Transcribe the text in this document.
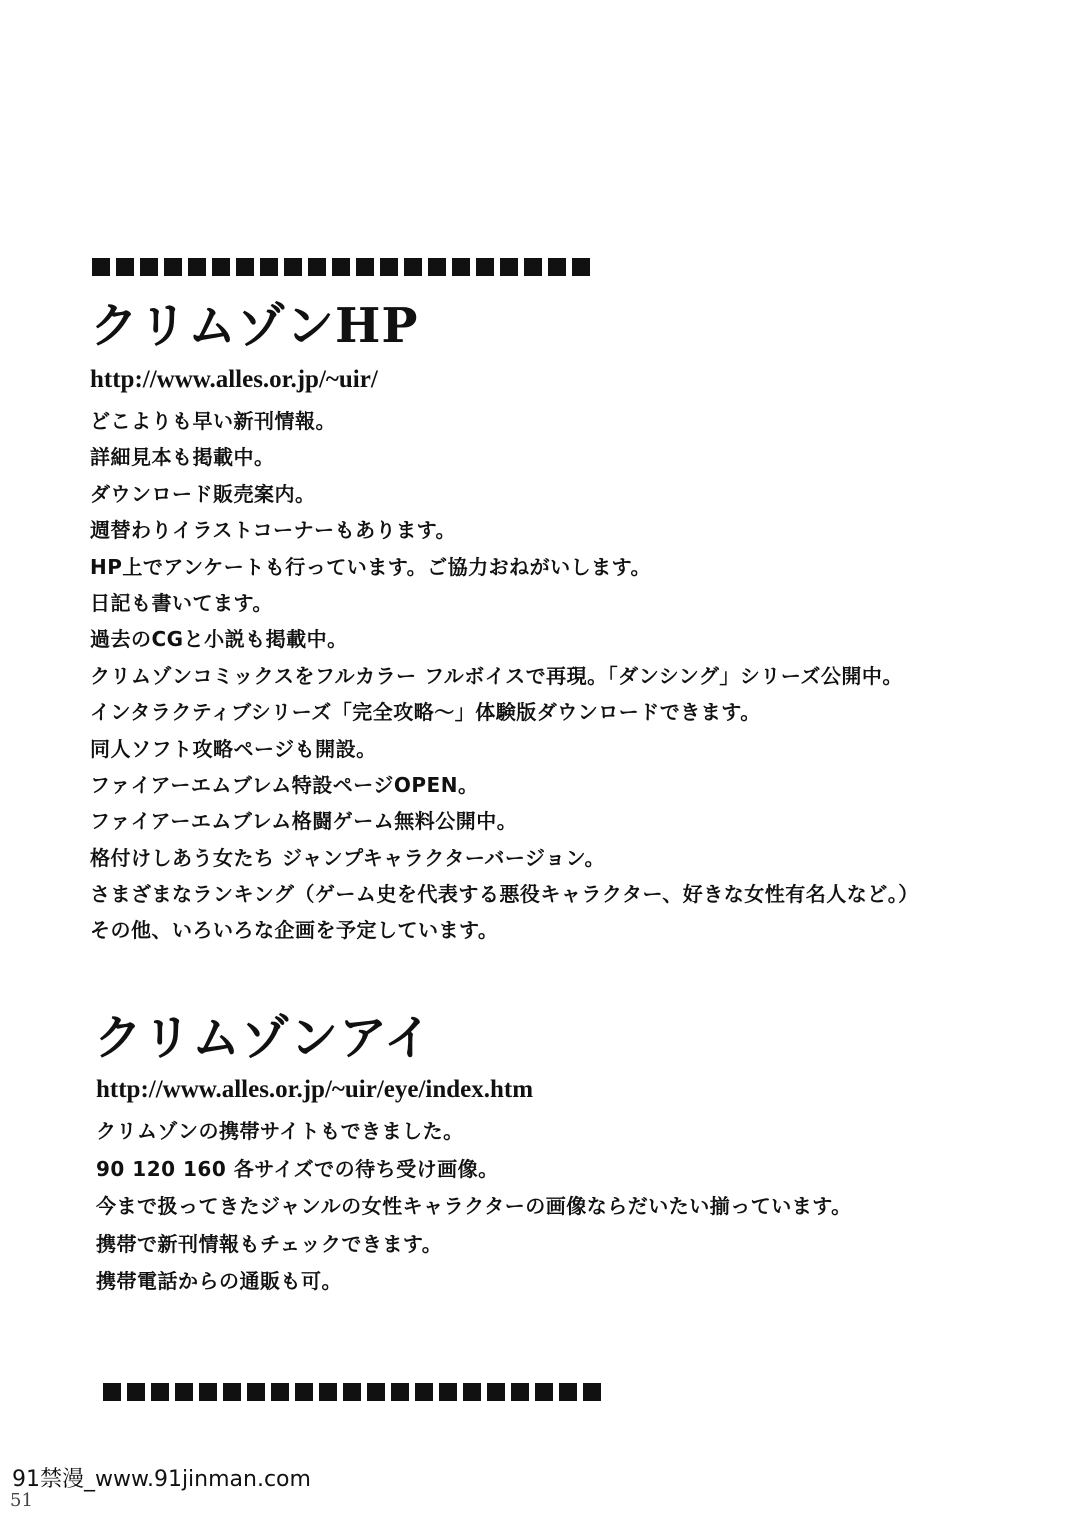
クリムゾンHP
http://www.alles.or.jp/~uir/
どこよりも早い新刊情報。
詳細見本も掲載中。
ダウンロード販売案内。
週替わりイラストコーナーもあります。
HP上でアンケートも行っています。ご協力おねがいします。
日記も書いてます。
過去のCGと小説も掲載中。
クリムゾンコミックスをフルカラー フルボイスで再現。「ダンシング」シリーズ公開中。
インタラクティブシリーズ「完全攻略～」体験版ダウンロードできます。
同人ソフト攻略ページも開設。
ファイアーエムブレム特設ページOPEN。
ファイアーエムブレム格闘ゲーム無料公開中。
格付けしあう女たち ジャンプキャラクターバージョン。
さまざまなランキング（ゲーム史を代表する悪役キャラクター、好きな女性有名人など。）
その他、いろいろな企画を予定しています。
クリムゾンアイ
http://www.alles.or.jp/~uir/eye/index.htm
クリムゾンの携帯サイトもできました。
90 120 160 各サイズでの待ち受け画像。
今まで扱ってきたジャンルの女性キャラクターの画像ならだいたい揃っています。
携帯で新刊情報もチェックできます。
携帯電話からの通販も可。
91禁漫_www.91jinman.com
51
